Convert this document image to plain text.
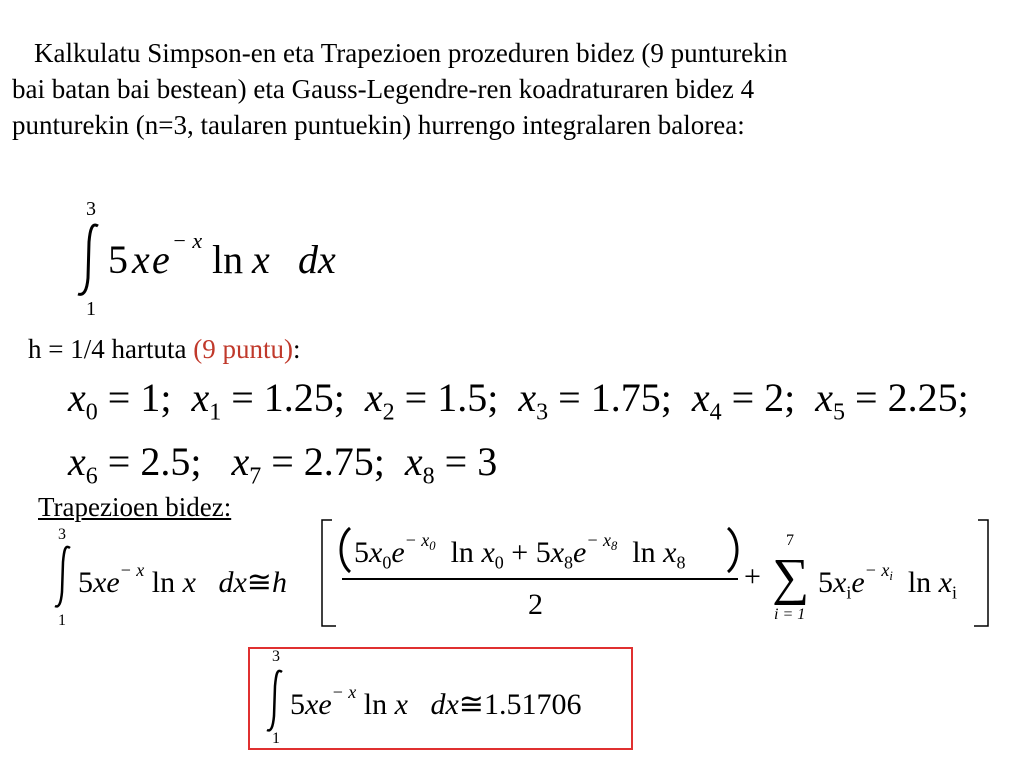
Kalkulatu Simpson-en eta Trapezioen prozeduren bidez (9 punturekin
bai batan bai bestean) eta Gauss-Legendre-ren koadraturaren bidez 4
punturekin (n=3, taularen puntuekin) hurrengo integralaren balorea:
3
1
5 x e − x ln x dx
h = 1/4 hartuta (9 puntu):
$x_0 = 1$; $x_1 = 1.25$; $x_2 = 1.5$; $x_3 = 1.75$; $x_4 = 2$; $x_5 = 2.25$;
$x_6 = 2.5$; $x_7 = 2.75$; $x_8 = 3$
Trapezioen bidez:
3
1
$5xe^{- x}$ ln x dx≅h
$5x_0e^{- x_0}$ $\ln x_0 + 5x_8e^{- x_8}$ $\ln x_8$
2
+
7
∑
i = 1
$5x_ie^{- x_i}$ $\ln x_i$
3
1
$5xe^{- x}$ ln x dx≅1.51706
